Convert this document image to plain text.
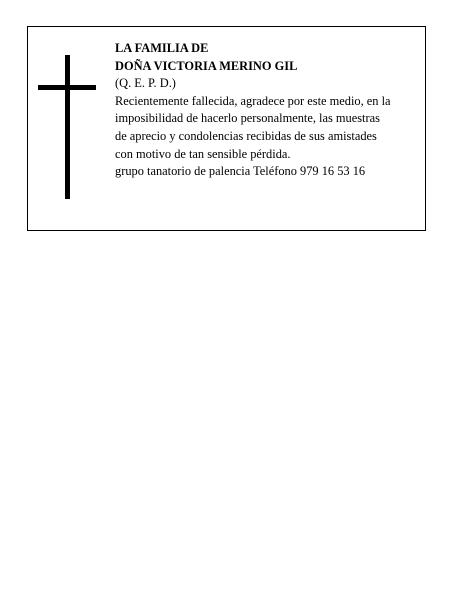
LA FAMILIA DE
DOÑA VICTORIA MERINO GIL
(Q. E. P. D.)
Recientemente fallecida, agradece por este medio, en la
imposibilidad de hacerlo personalmente, las muestras
de aprecio y condolencias recibidas de sus amistades
con motivo de tan sensible pérdida.
grupo tanatorio de palencia Teléfono 979 16 53 16
